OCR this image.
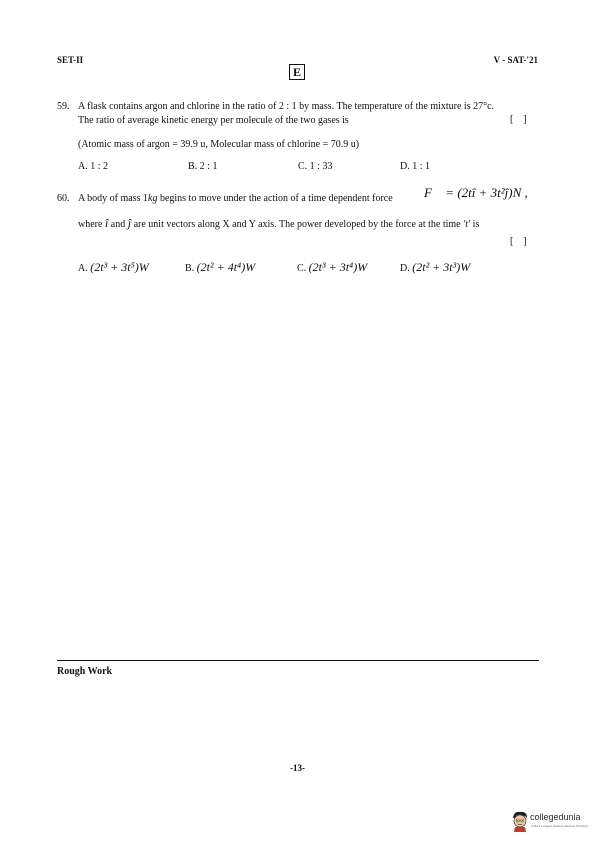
SET-II	V - SAT-'21
E
59. A flask contains argon and chlorine in the ratio of 2 : 1 by mass. The temperature of the mixture is 27°c.
The ratio of average kinetic energy per molecule of the two gases is	[    ]
(Atomic mass of argon = 39.9 u, Molecular mass of chlorine = 70.9 u)
A. 1 : 2	B. 2 : 1	C. 1 : 33	D. 1 : 1
60. A body of mass 1kg begins to move under the action of a time dependent force F⃗ = (2tî + 3t²ĵ)N ,
where î and ĵ are unit vectors along X and Y axis. The power developed by the force at the time 't' is
[    ]
A. (2t³ + 3t⁵)W	B. (2t² + 4t⁴)W	C. (2t³ + 3t⁴)W	D. (2t² + 3t³)W
Rough Work
-13-
collegedunia
India's Largest Student Review Platform
